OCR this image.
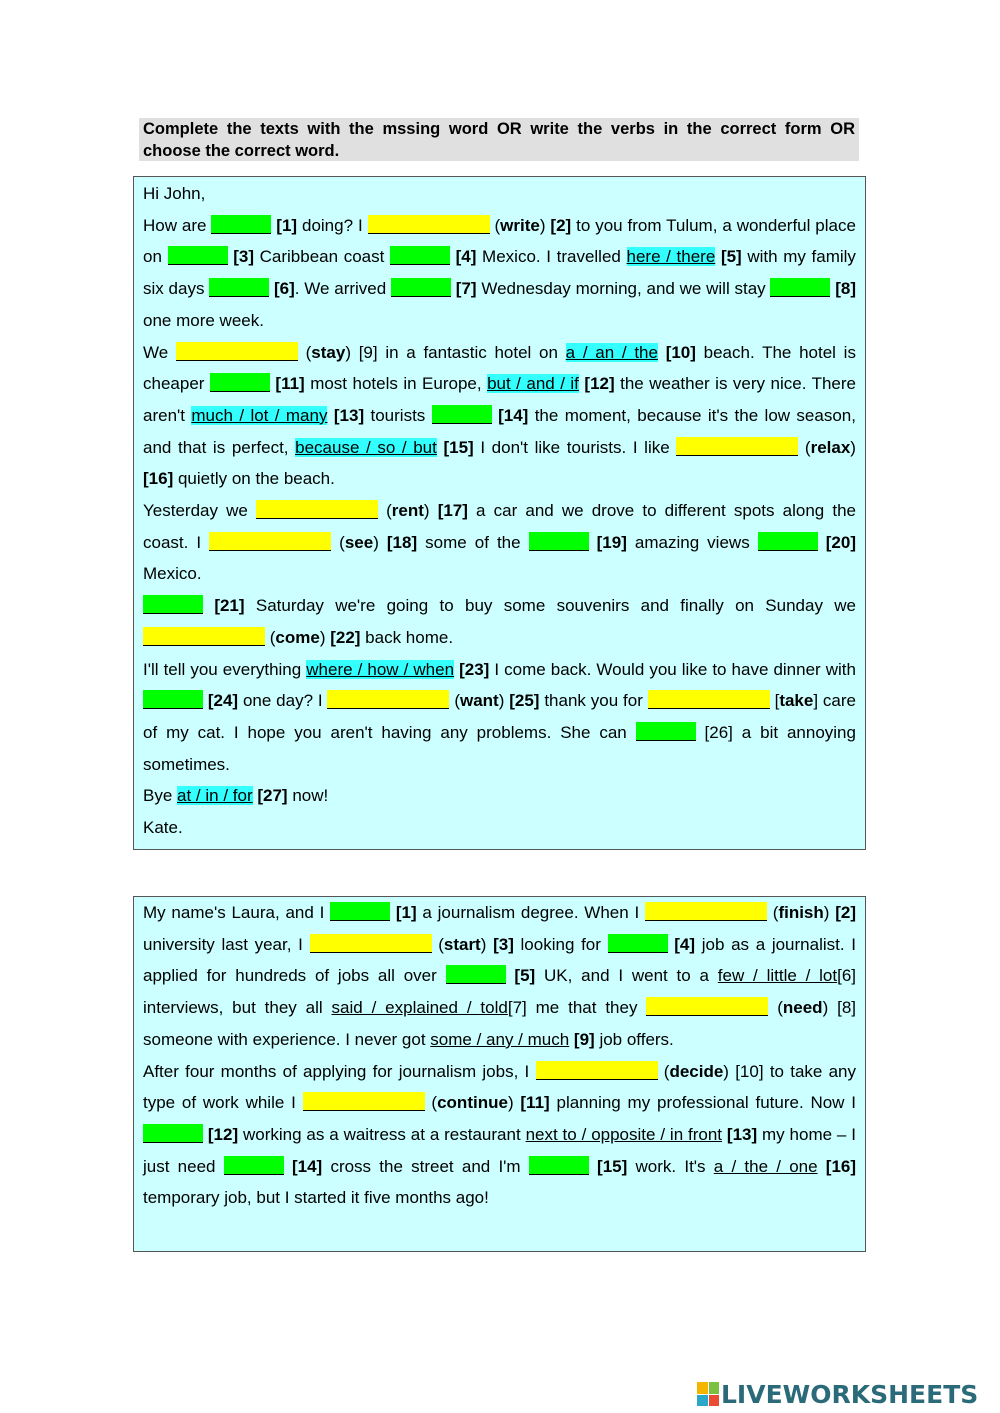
Complete the texts with the mssing word OR write the verbs in the correct form OR choose the correct word.

Hi John,

How are	[1] doing? I	(write) [2] to you from Tulum, a wonderful place on	[3] Caribbean coast	[4] Mexico. I travelled here / there [5] with my family six days	[6]. We arrived	[7] Wednesday morning, and we will stay	[8] one more week.

We	(stay) [9] in a fantastic hotel on a / an / the [10] beach. The hotel is cheaper	[11] most hotels in Europe, but / and / if [12] the weather is very nice. There aren't much / lot / many [13] tourists	[14] the moment, because it's the low season, and that is perfect, because / so / but [15] I don't like tourists. I like	(relax) [16] quietly on the beach.

Yesterday we	(rent) [17] a car and we drove to different spots along the coast. I	(see) [18] some of the	[19] amazing views	[20] Mexico.

[21] Saturday we're going to buy some souvenirs and finally on Sunday we  (come) [22] back home.

I'll tell you everything where / how / when [23] I come back. Would you like to have dinner with  [24] one day? I	(want) [25] thank you for	[take] care of my cat. I hope you aren't having any problems. She can	[26] a bit annoying sometimes.

Bye at / in / for [27] now!

Kate.

My name's Laura, and I	[1] a journalism degree. When I	(finish) [2] university last year, I	(start) [3] looking for	[4] job as a journalist. I applied for hundreds of jobs all over	[5] UK, and I went to a few / little / lot[6] interviews, but they all said / explained / told[7] me that they	(need) [8] someone with experience. I never got some / any / much [9] job offers.

After four months of applying for journalism jobs, I	(decide) [10] to take any type of work while I	(continue) [11] planning my professional future. Now I  [12] working as a waitress at a restaurant next to / opposite / in front [13] my home – I just need	[14] cross the street and I'm	[15] work. It's a / the / one [16] temporary job, but I started it five months ago!

LIVEWORKSHEETS
